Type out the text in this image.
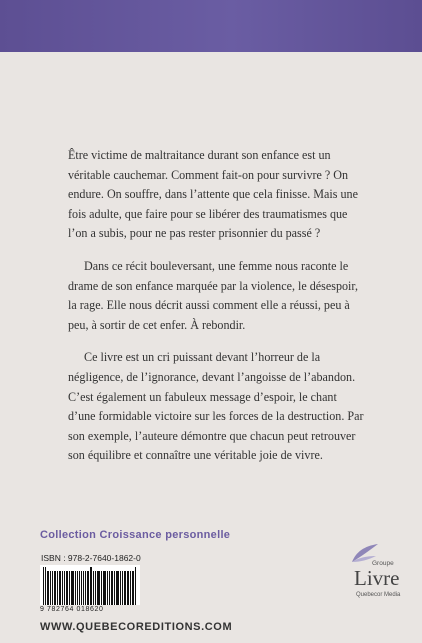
Être victime de maltraitance durant son enfance est un véritable cauchemar. Comment fait-on pour survivre ? On endure. On souffre, dans l’attente que cela finisse. Mais une fois adulte, que faire pour se libérer des traumatismes que l’on a subis, pour ne pas rester prisonnier du passé ?

Dans ce récit bouleversant, une femme nous raconte le drame de son enfance marquée par la violence, le désespoir, la rage. Elle nous décrit aussi comment elle a réussi, peu à peu, à sortir de cet enfer. À rebondir.

Ce livre est un cri puissant devant l’horreur de la négligence, de l’ignorance, devant l’angoisse de l’abandon. C’est également un fabuleux message d’espoir, le chant d’une formidable victoire sur les forces de la destruction. Par son exemple, l’auteure démontre que chacun peut retrouver son équilibre et connaître une véritable joie de vivre.

Collection Croissance personnelle
ISBN : 978-2-7640-1862-0
9 782764 018620
WWW.QUEBECOREDITIONS.COM
Groupe
Livre
Quebecor Media
